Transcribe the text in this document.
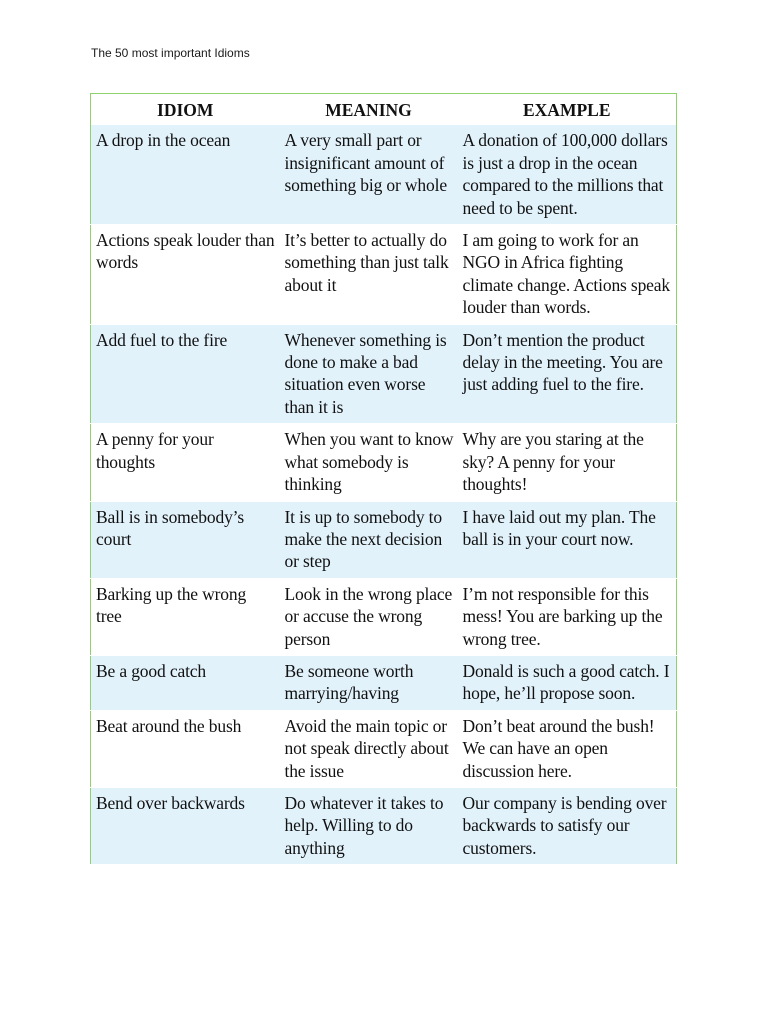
The 50 most important Idioms
IDIOM	MEANING	EXAMPLE
A drop in the ocean	A very small part or insignificant amount of something big or whole	A donation of 100,000 dollars is just a drop in the ocean compared to the millions that need to be spent.
Actions speak louder than words	It’s better to actually do something than just talk about it	I am going to work for an NGO in Africa fighting climate change. Actions speak louder than words.
Add fuel to the fire	Whenever something is done to make a bad situation even worse than it is	Don’t mention the product delay in the meeting. You are just adding fuel to the fire.
A penny for your thoughts	When you want to know what somebody is thinking	Why are you staring at the sky? A penny for your thoughts!
Ball is in somebody’s court	It is up to somebody to make the next decision or step	I have laid out my plan. The ball is in your court now.
Barking up the wrong tree	Look in the wrong place or accuse the wrong person	I’m not responsible for this mess! You are barking up the wrong tree.
Be a good catch	Be someone worth marrying/having	Donald is such a good catch. I hope, he’ll propose soon.
Beat around the bush	Avoid the main topic or not speak directly about the issue	Don’t beat around the bush! We can have an open discussion here.
Bend over backwards	Do whatever it takes to help. Willing to do anything	Our company is bending over backwards to satisfy our customers.
